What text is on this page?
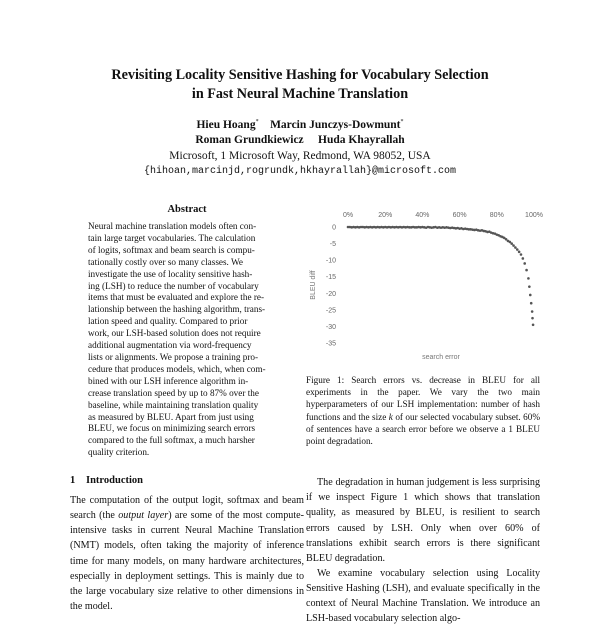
Revisiting Locality Sensitive Hashing for Vocabulary Selection
in Fast Neural Machine Translation
Hieu Hoang* Marcin Junczys-Dowmunt*
Roman Grundkiewicz Huda Khayrallah
Microsoft, 1 Microsoft Way, Redmond, WA 98052, USA
{hihoan,marcinjd,rogrundk,hkhayrallah}@microsoft.com
Abstract
Neural machine translation models often con-
tain large target vocabularies. The calculation
of logits, softmax and beam search is compu-
tationally costly over so many classes. We
investigate the use of locality sensitive hash-
ing (LSH) to reduce the number of vocabulary
items that must be evaluated and explore the re-
lationship between the hashing algorithm, trans-
lation speed and quality. Compared to prior
work, our LSH-based solution does not require
additional augmentation via word-frequency
lists or alignments. We propose a training pro-
cedure that produces models, which, when com-
bined with our LSH inference algorithm in-
crease translation speed by up to 87% over the
baseline, while maintaining translation quality
as measured by BLEU. Apart from just using
BLEU, we focus on minimizing search errors
compared to the full softmax, a much harsher
quality criterion.
1 Introduction

The computation of the output logit, softmax and beam search (the output layer) are some of the most compute-intensive tasks in current Neural Machine Translation (NMT) models, often taking the majority of inference time for many models, on many hardware architectures, especially in deployment settings. This is mainly due to the large vocabulary size relative to other dimensions in the model.

0%	20%	40%	60%	80%	100%
0
-5
-10
-15
-20
-25
-30
-35
BLEU diff
search error
Figure 1: Search errors vs. decrease in BLEU for all experiments in the paper. We vary the two main hyperparameters of our LSH implementation: number of hash functions and the size k of our selected vocabulary subset. 60% of sentences have a search error before we observe a 1 BLEU point degradation.

The degradation in human judgement is less surprising if we inspect Figure 1 which shows that translation quality, as measured by BLEU, is resilient to search errors caused by LSH. Only when over 60% of translations exhibit search errors is there significant BLEU degradation.

We examine vocabulary selection using Locality Sensitive Hashing (LSH), and evaluate specifically in the context of Neural Machine Translation. We introduce an LSH-based vocabulary selection algo-
